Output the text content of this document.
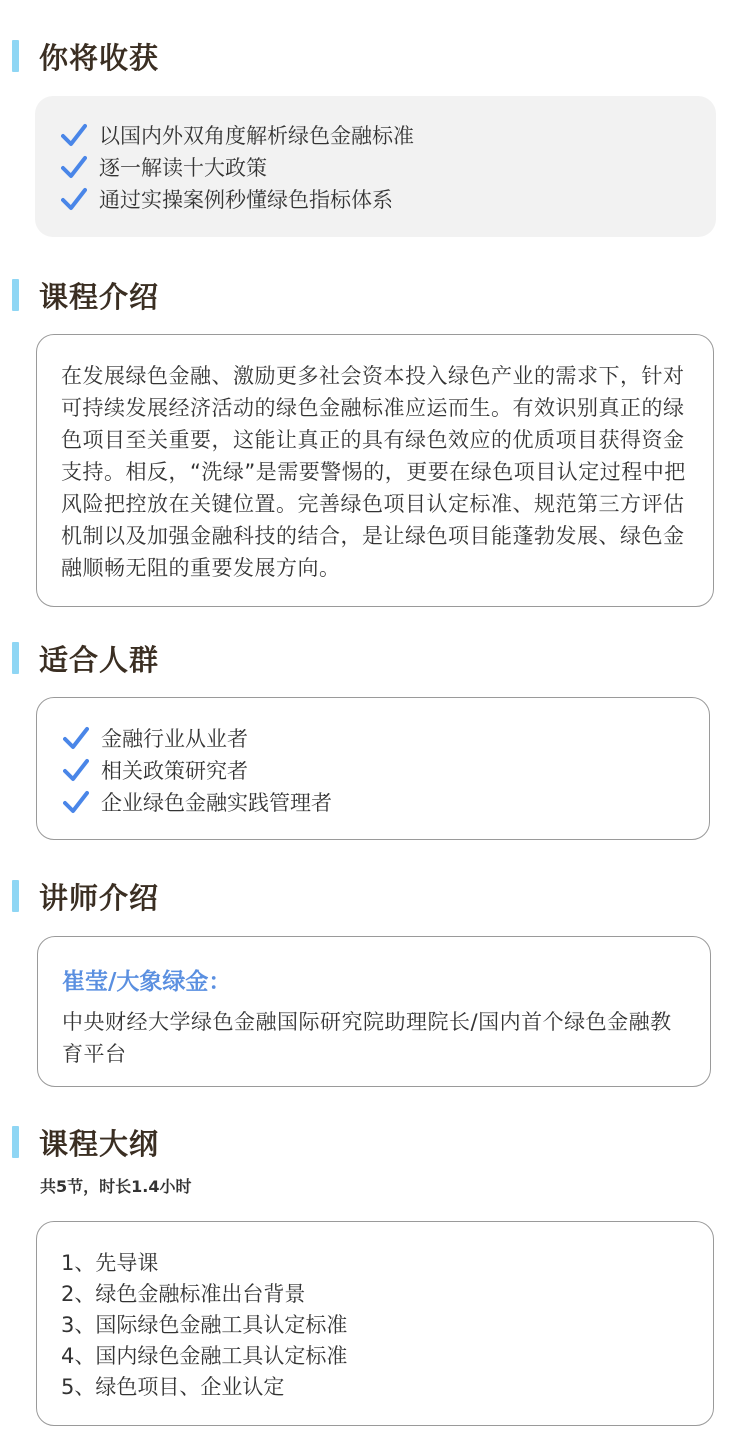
你将收获
以国内外双角度解析绿色金融标准
逐一解读十大政策
通过实操案例秒懂绿色指标体系
课程介绍

在发展绿色金融、激励更多社会资本投入绿色产业的需求下，针对可持续发展经济活动的绿色金融标准应运而生。有效识别真正的绿色项目至关重要，这能让真正的具有绿色效应的优质项目获得资金支持。相反，“洗绿”是需要警惕的，更要在绿色项目认定过程中把风险把控放在关键位置。完善绿色项目认定标准、规范第三方评估机制以及加强金融科技的结合，是让绿色项目能蓬勃发展、绿色金融顺畅无阻的重要发展方向。

适合人群
金融行业从业者
相关政策研究者
企业绿色金融实践管理者
讲师介绍

崔莹/大象绿金：

中央财经大学绿色金融国际研究院助理院长/国内首个绿色金融教育平台

课程大纲
共5节，时长1.4小时
1、先导课
2、绿色金融标准出台背景
3、国际绿色金融工具认定标准
4、国内绿色金融工具认定标准
5、绿色项目、企业认定
